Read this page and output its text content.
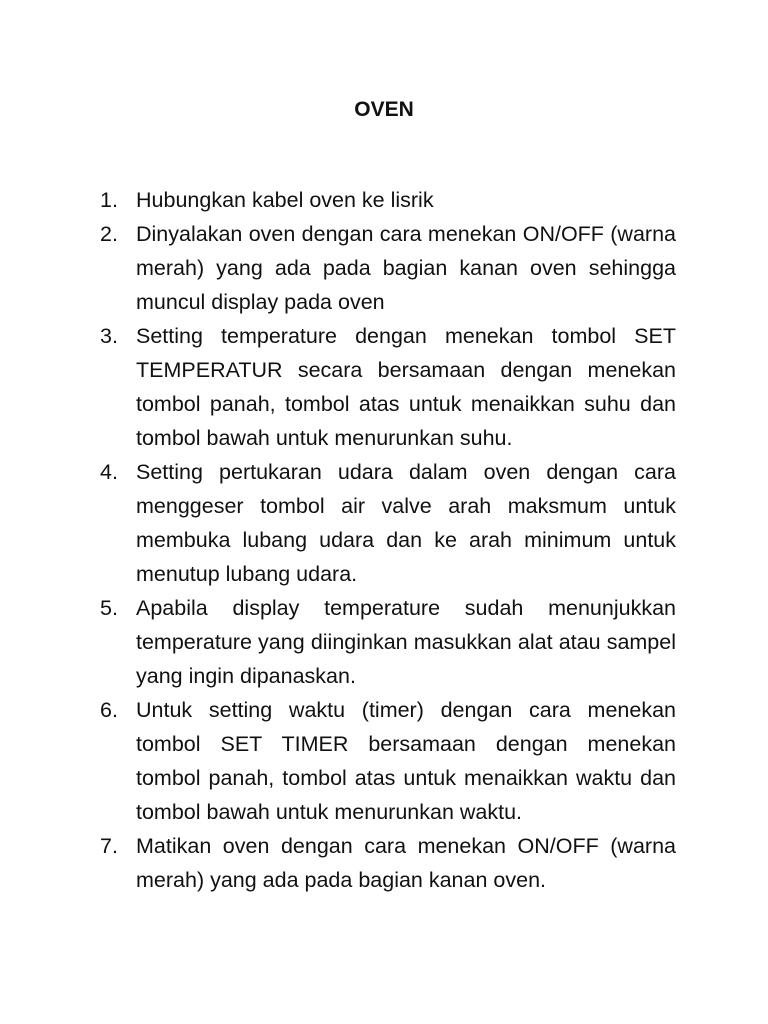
OVEN
1. Hubungkan kabel oven ke lisrik
2. Dinyalakan oven dengan cara menekan ON/OFF (warna merah) yang ada pada bagian kanan oven sehingga muncul display pada oven
3. Setting temperature dengan menekan tombol SET TEMPERATUR secara bersamaan dengan menekan tombol panah, tombol atas untuk menaikkan suhu dan tombol bawah untuk menurunkan suhu.
4. Setting pertukaran udara dalam oven dengan cara menggeser tombol air valve arah maksmum untuk membuka lubang udara dan ke arah minimum untuk menutup lubang udara.
5. Apabila display temperature sudah menunjukkan temperature yang diinginkan masukkan alat atau sampel yang ingin dipanaskan.
6. Untuk setting waktu (timer) dengan cara menekan tombol SET TIMER bersamaan dengan menekan tombol panah, tombol atas untuk menaikkan waktu dan tombol bawah untuk menurunkan waktu.
7. Matikan oven dengan cara menekan ON/OFF (warna merah) yang ada pada bagian kanan oven.
